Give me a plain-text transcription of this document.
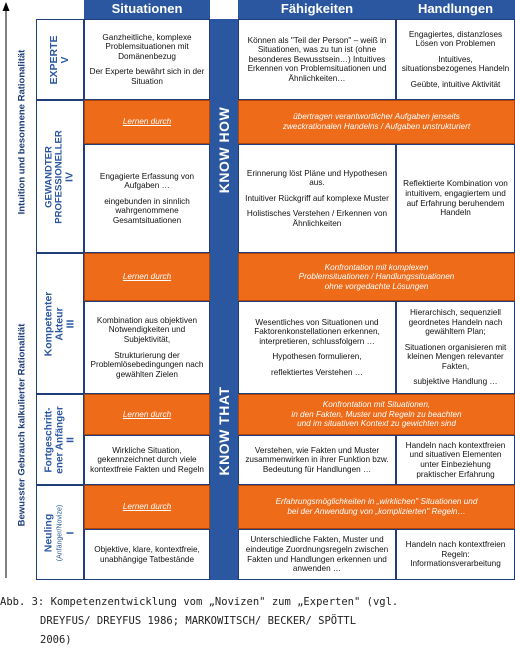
Intuition und besonnene Rationalität
Bewusster Gebrauch kalkulierter Rationalität
Situationen	Fähigkeiten	Handlungen
KNOW HOW
KNOW THAT
EXPERTE V

Ganzheitliche, komplexe Problemsituationen mit Domänenbezug

Der Experte bewährt sich in der Situation

Können als "Teil der Person" – weiß in Situationen, was zu tun ist (ohne besonderes Bewusstsein…) Intuitives Erkennen von Problemsituationen und Ähnlichkeiten…

Engagiertes, distanzloses Lösen von Problemen

Intuitives, situationsbezogenes Handeln

Geübte, intuitive Aktivität

GEWANDTER
PROFESSIONELLER IV
Lernen durch
übertragen verantwortlicher Aufgaben jenseits
zweckrationalen Handelns / Aufgaben unstrukturiert

Engagierte Erfassung von Aufgaben …

eingebunden in sinnlich wahrgenommene Gesamtsituationen

Erinnerung löst Pläne und Hypothesen aus.

Intuitiver Rückgriff auf komplexe Muster

Holistisches Verstehen / Erkennen von Ähnlichkeiten

Reflektierte Kombination von intuitivem, engagiertem und auf Erfahrung beruhendem Handeln

Kompetenter Akteur III
Lernen durch
Konfrontation mit komplexen
Problemsituationen / Handlungssituationen
ohne vorgedachte Lösungen

Kombination aus objektiven Notwendigkeiten und Subjektivität,

Strukturierung der Problemlösebedingungen nach gewählten Zielen

Wesentliches von Situationen und Faktorenkonstellationen erkennen, interpretieren, schlussfolgern …

Hypothesen formulieren,

reflektiertes Verstehen …

Hierarchisch, sequenziell geordnetes Handeln nach gewähltem Plan;

Situationen organisieren mit kleinen Mengen relevanter Fakten,

subjektive Handlung …

Fortgeschritt- ener Anfänger II
Lernen durch
Konfrontation mit Situationen,
in den Fakten, Muster und Regeln zu beachten
und im situativen Kontext zu gewichten sind

Wirkliche Situation, gekennzeichnet durch viele kontextfreie Fakten und Regeln

Verstehen, wie Fakten und Muster zusammenwirken in ihrer Funktion bzw. Bedeutung für Handlungen …

Handeln nach kontextfreien und situativen Elementen unter Einbeziehung praktischer Erfahrung

Neuling (Anfänger/Novize) I
Lernen durch
Erfahrungsmöglichkeiten in „wirklichen" Situationen und
bei der Anwendung von „komplizierten" Regeln…

Objektive, klare, kontextfreie, unabhängige Tatbestände

Unterschiedliche Fakten, Muster und eindeutige Zuordnungsregeln zwischen Fakten und Handlungen erkennen und anwenden …

Handeln nach kontextfreien Regeln: Informationsverarbeitung

Abb. 3: Kompetenzentwicklung vom „Novizen" zum „Experten" (vgl.
DREYFUS/ DREYFUS 1986; MARKOWITSCH/ BECKER/ SPÖTTL
2006)
